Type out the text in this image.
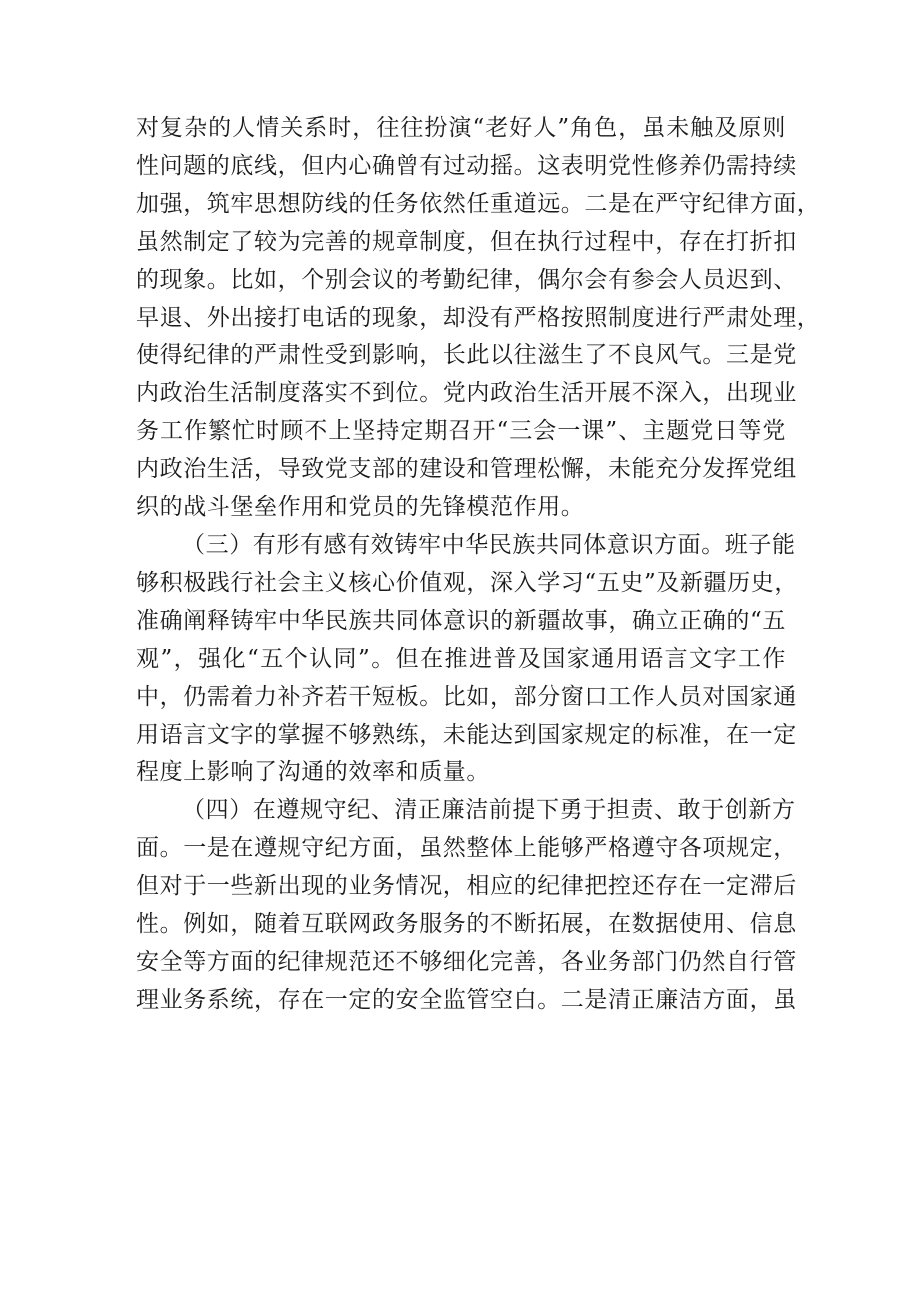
对复杂的人情关系时，往往扮演“老好人”角色，虽未触及原则
性问题的底线，但内心确曾有过动摇。这表明党性修养仍需持续
加强，筑牢思想防线的任务依然任重道远。二是在严守纪律方面，
虽然制定了较为完善的规章制度，但在执行过程中，存在打折扣
的现象。比如，个别会议的考勤纪律，偶尔会有参会人员迟到、
早退、外出接打电话的现象，却没有严格按照制度进行严肃处理，
使得纪律的严肃性受到影响，长此以往滋生了不良风气。三是党
内政治生活制度落实不到位。党内政治生活开展不深入，出现业
务工作繁忙时顾不上坚持定期召开“三会一课”、主题党日等党
内政治生活，导致党支部的建设和管理松懈，未能充分发挥党组
织的战斗堡垒作用和党员的先锋模范作用。
（三）有形有感有效铸牢中华民族共同体意识方面。班子能
够积极践行社会主义核心价值观，深入学习“五史”及新疆历史，
准确阐释铸牢中华民族共同体意识的新疆故事，确立正确的“五
观”，强化“五个认同”。但在推进普及国家通用语言文字工作
中，仍需着力补齐若干短板。比如，部分窗口工作人员对国家通
用语言文字的掌握不够熟练，未能达到国家规定的标准，在一定
程度上影响了沟通的效率和质量。
（四）在遵规守纪、清正廉洁前提下勇于担责、敢于创新方
面。一是在遵规守纪方面，虽然整体上能够严格遵守各项规定，
但对于一些新出现的业务情况，相应的纪律把控还存在一定滞后
性。例如，随着互联网政务服务的不断拓展，在数据使用、信息
安全等方面的纪律规范还不够细化完善，各业务部门仍然自行管
理业务系统，存在一定的安全监管空白。二是清正廉洁方面，虽
